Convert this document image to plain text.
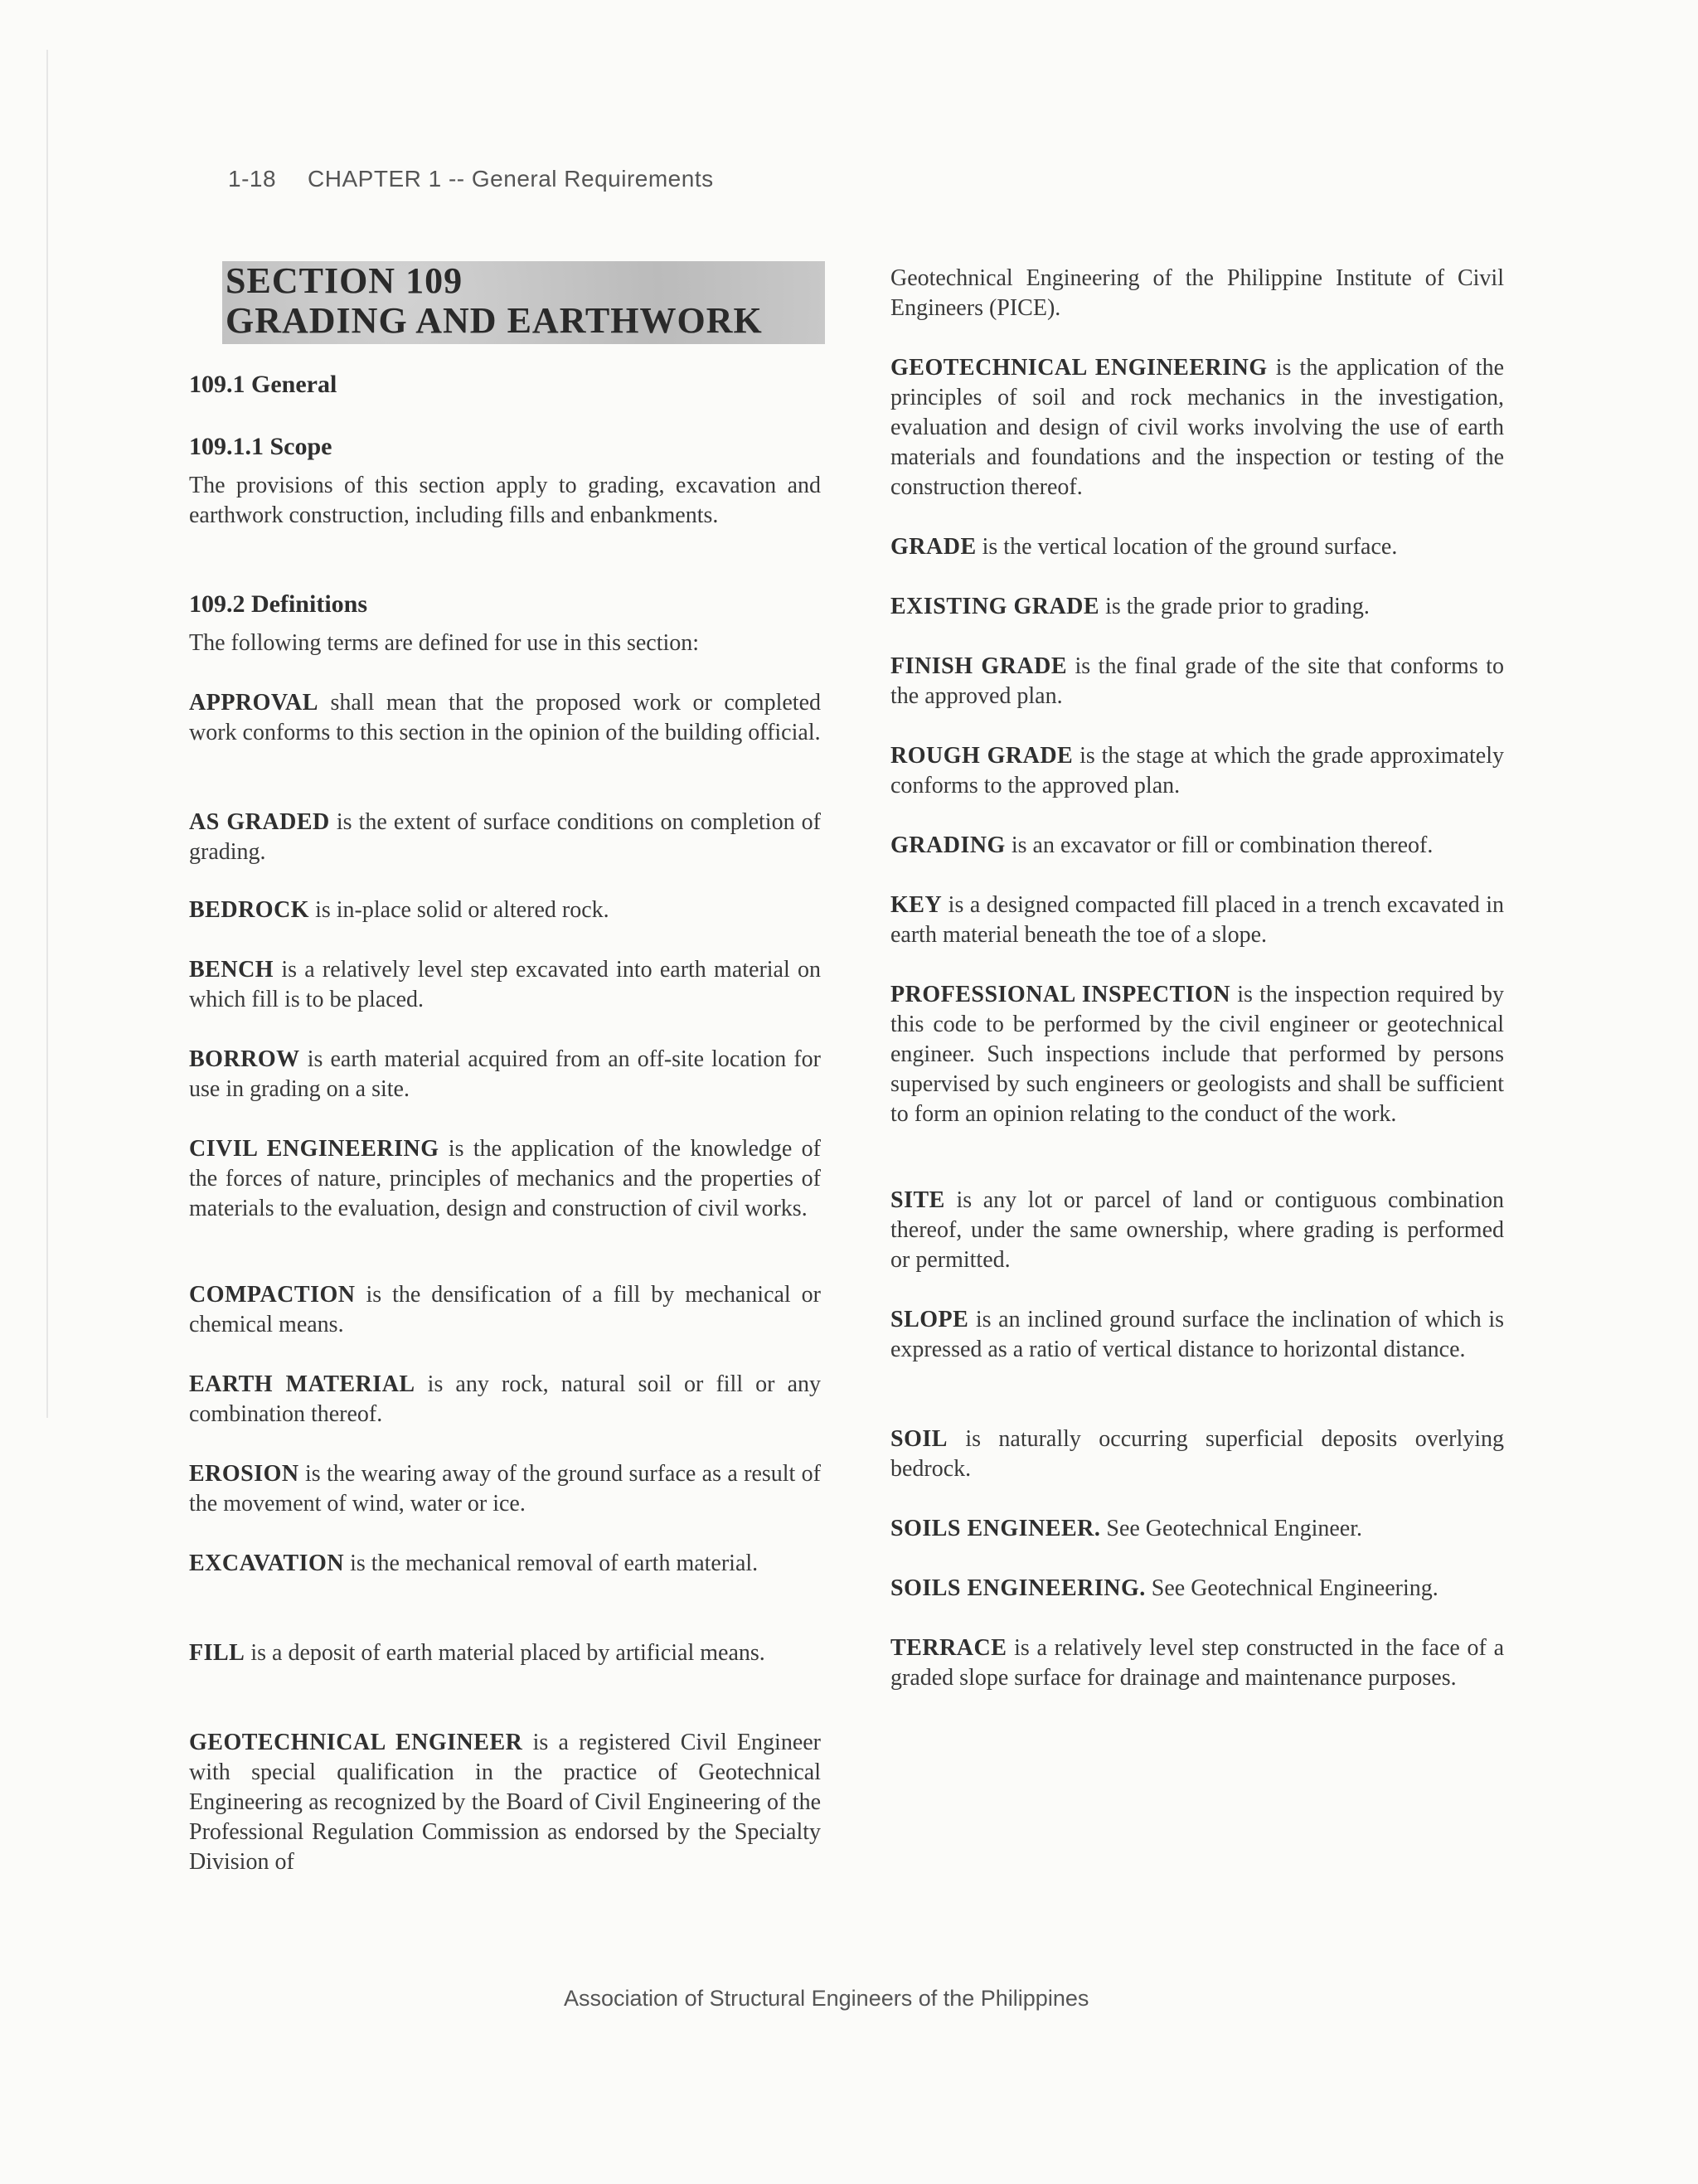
1-18 CHAPTER 1 -- General Requirements
SECTION 109
GRADING AND EARTHWORK
109.1 General
109.1.1 Scope
The provisions of this section apply to grading, excavation and earthwork construction, including fills and enbankments.
109.2 Definitions
The following terms are defined for use in this section:
APPROVAL shall mean that the proposed work or completed work conforms to this section in the opinion of the building official.
AS GRADED is the extent of surface conditions on completion of grading.
BEDROCK is in-place solid or altered rock.
BENCH is a relatively level step excavated into earth material on which fill is to be placed.
BORROW is earth material acquired from an off-site location for use in grading on a site.
CIVIL ENGINEERING is the application of the knowledge of the forces of nature, principles of mechanics and the properties of materials to the evaluation, design and construction of civil works.
COMPACTION is the densification of a fill by mechanical or chemical means.
EARTH MATERIAL is any rock, natural soil or fill or any combination thereof.
EROSION is the wearing away of the ground surface as a result of the movement of wind, water or ice.
EXCAVATION is the mechanical removal of earth material.
FILL is a deposit of earth material placed by artificial means.
GEOTECHNICAL ENGINEER is a registered Civil Engineer with special qualification in the practice of Geotechnical Engineering as recognized by the Board of Civil Engineering of the Professional Regulation Commission as endorsed by the Specialty Division of
Geotechnical Engineering of the Philippine Institute of Civil Engineers (PICE).
GEOTECHNICAL ENGINEERING is the application of the principles of soil and rock mechanics in the investigation, evaluation and design of civil works involving the use of earth materials and foundations and the inspection or testing of the construction thereof.
GRADE is the vertical location of the ground surface.
EXISTING GRADE is the grade prior to grading.
FINISH GRADE is the final grade of the site that conforms to the approved plan.
ROUGH GRADE is the stage at which the grade approximately conforms to the approved plan.
GRADING is an excavator or fill or combination thereof.
KEY is a designed compacted fill placed in a trench excavated in earth material beneath the toe of a slope.
PROFESSIONAL INSPECTION is the inspection required by this code to be performed by the civil engineer or geotechnical engineer. Such inspections include that performed by persons supervised by such engineers or geologists and shall be sufficient to form an opinion relating to the conduct of the work.
SITE is any lot or parcel of land or contiguous combination thereof, under the same ownership, where grading is performed or permitted.
SLOPE is an inclined ground surface the inclination of which is expressed as a ratio of vertical distance to horizontal distance.
SOIL is naturally occurring superficial deposits overlying bedrock.
SOILS ENGINEER. See Geotechnical Engineer.
SOILS ENGINEERING. See Geotechnical Engineering.
TERRACE is a relatively level step constructed in the face of a graded slope surface for drainage and maintenance purposes.
Association of Structural Engineers of the Philippines
